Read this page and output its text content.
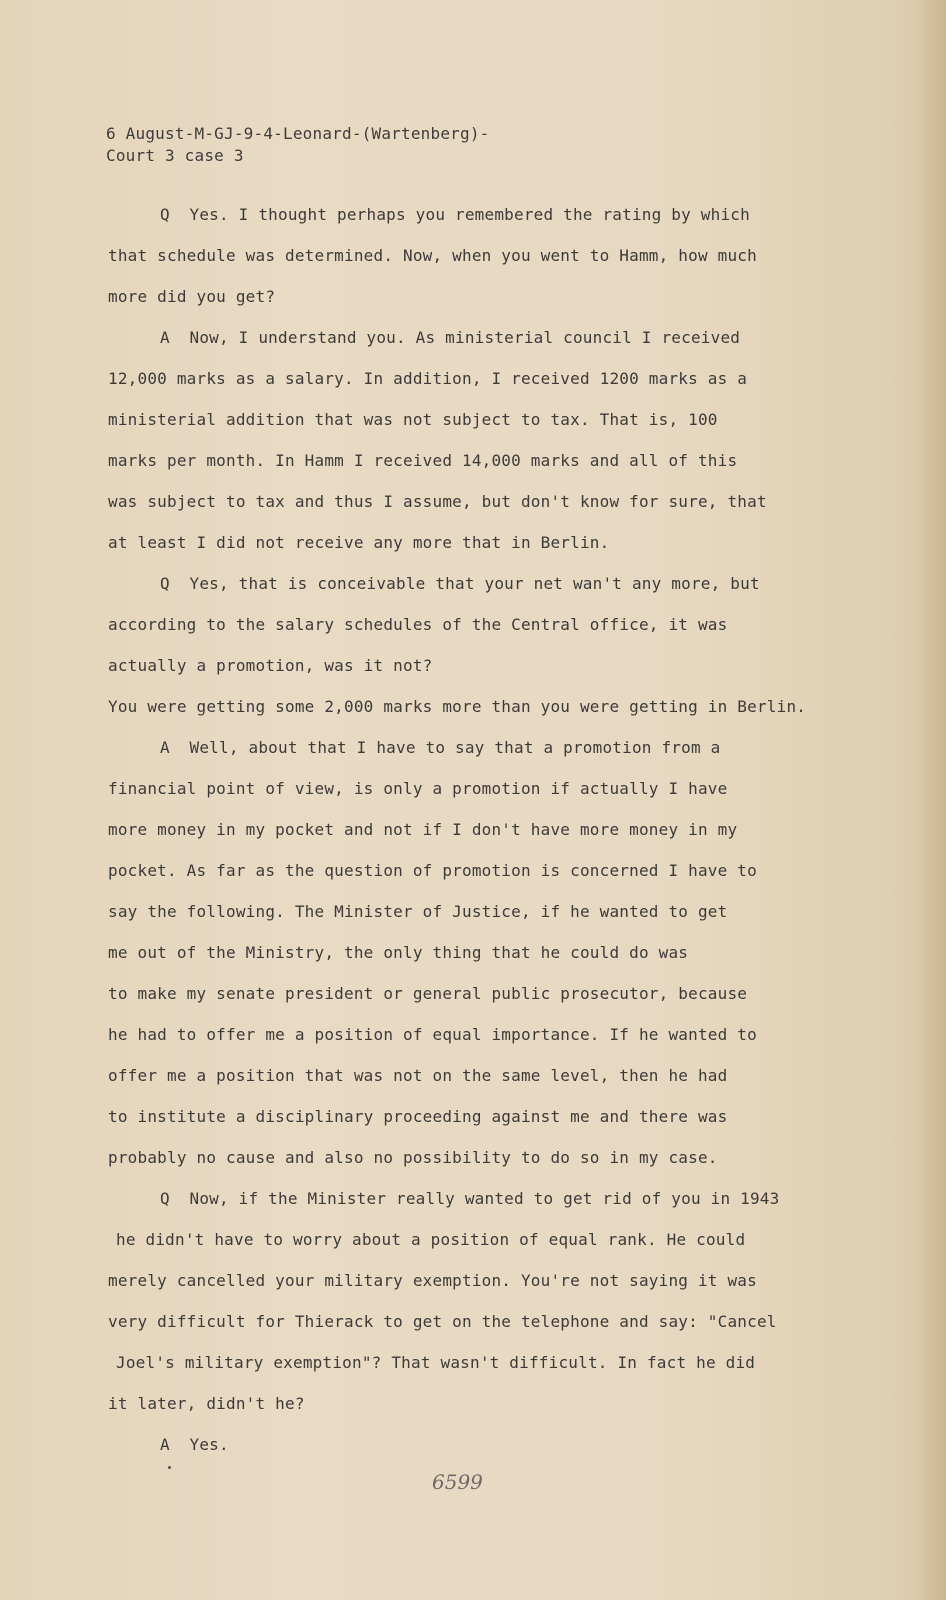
6 August-M-GJ-9-4-Leonard-(Wartenberg)-
Court 3 case 3
Q  Yes. I thought perhaps you remembered the rating by which
that schedule was determined. Now, when you went to Hamm, how much
more did you get?
A  Now, I understand you. As ministerial council I received
12,000 marks as a salary. In addition, I received 1200 marks as a
ministerial addition that was not subject to tax. That is, 100
marks per month. In Hamm I received 14,000 marks and all of this
was subject to tax and thus I assume, but don't know for sure, that
at least I did not receive any more that in Berlin.
Q  Yes, that is conceivable that your net wan't any more, but
according to the salary schedules of the Central office, it was
actually a promotion, was it not?
You were getting some 2,000 marks more than you were getting in Berlin.
A  Well, about that I have to say that a promotion from a
financial point of view, is only a promotion if actually I have
more money in my pocket and not if I don't have more money in my
pocket. As far as the question of promotion is concerned I have to
say the following. The Minister of Justice, if he wanted to get
me out of the Ministry, the only thing that he could do was
to make my senate president or general public prosecutor, because
he had to offer me a position of equal importance. If he wanted to
offer me a position that was not on the same level, then he had
to institute a disciplinary proceeding against me and there was
probably no cause and also no possibility to do so in my case.
Q  Now, if the Minister really wanted to get rid of you in 1943
he didn't have to worry about a position of equal rank. He could
merely cancelled your military exemption. You're not saying it was
very difficult for Thierack to get on the telephone and say: "Cancel
Joel's military exemption"? That wasn't difficult. In fact he did
it later, didn't he?
A  Yes.
6599
